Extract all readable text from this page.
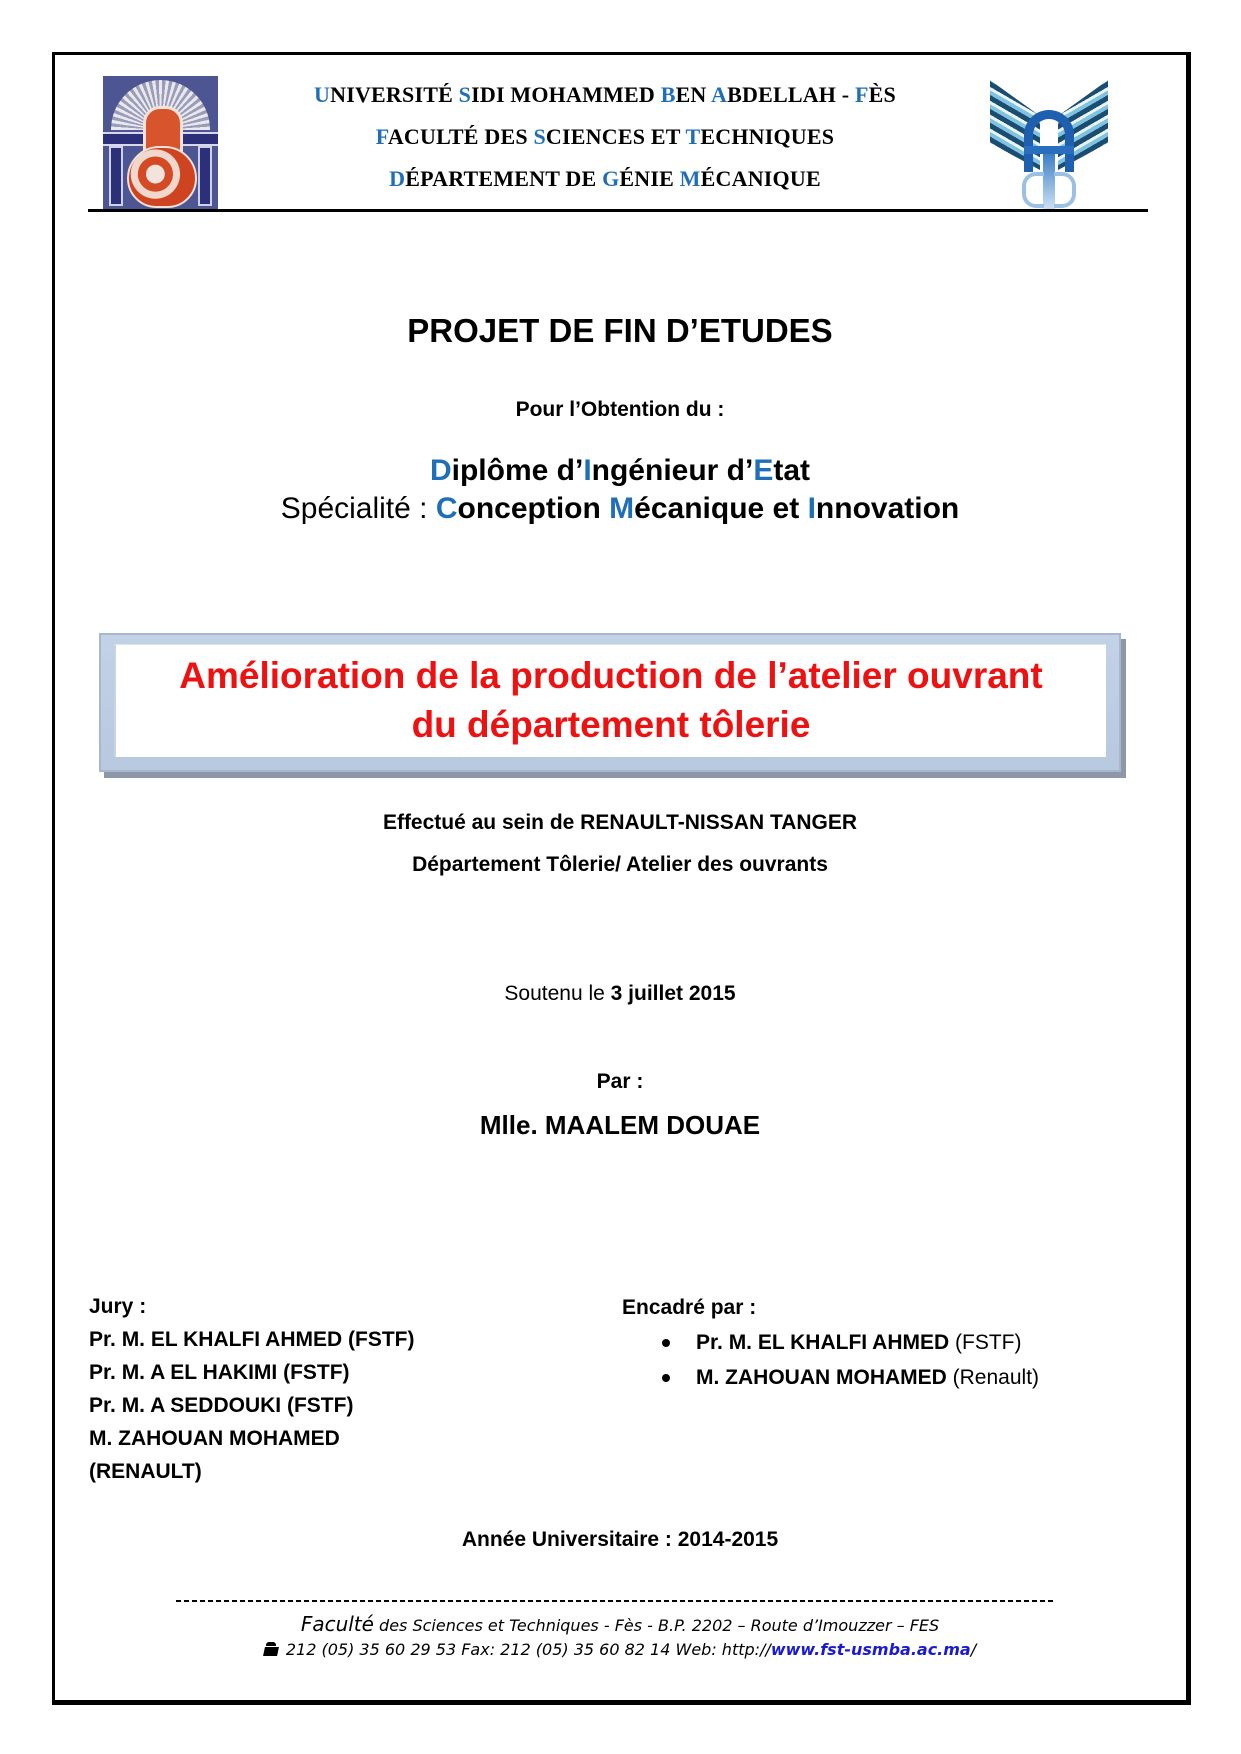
UNIVERSITÉ SIDI MOHAMMED BEN ABDELLAH - FÈS
FACULTÉ DES SCIENCES ET TECHNIQUES
DÉPARTEMENT DE GÉNIE MÉCANIQUE
PROJET DE FIN D’ETUDES
Pour l’Obtention du :
Diplôme d’Ingénieur d’Etat
Spécialité : Conception Mécanique et Innovation
Amélioration de la production de l’atelier ouvrant
du département tôlerie
Effectué au sein de RENAULT-NISSAN TANGER
Département Tôlerie/ Atelier des ouvrants
Soutenu le 3 juillet 2015
Par :
Mlle. MAALEM DOUAE
Jury :
Pr. M. EL KHALFI AHMED (FSTF)
Pr. M. A EL HAKIMI (FSTF)
Pr. M. A SEDDOUKI (FSTF)
M. ZAHOUAN MOHAMED
(RENAULT)
Encadré par :
Pr. M. EL KHALFI AHMED (FSTF)
M. ZAHOUAN MOHAMED (Renault)
Année Universitaire : 2014-2015
Faculté des Sciences et Techniques - Fès - B.P. 2202 – Route d’Imouzzer – FES
212 (05) 35 60 29 53 Fax: 212 (05) 35 60 82 14 Web: http://www.fst-usmba.ac.ma/
